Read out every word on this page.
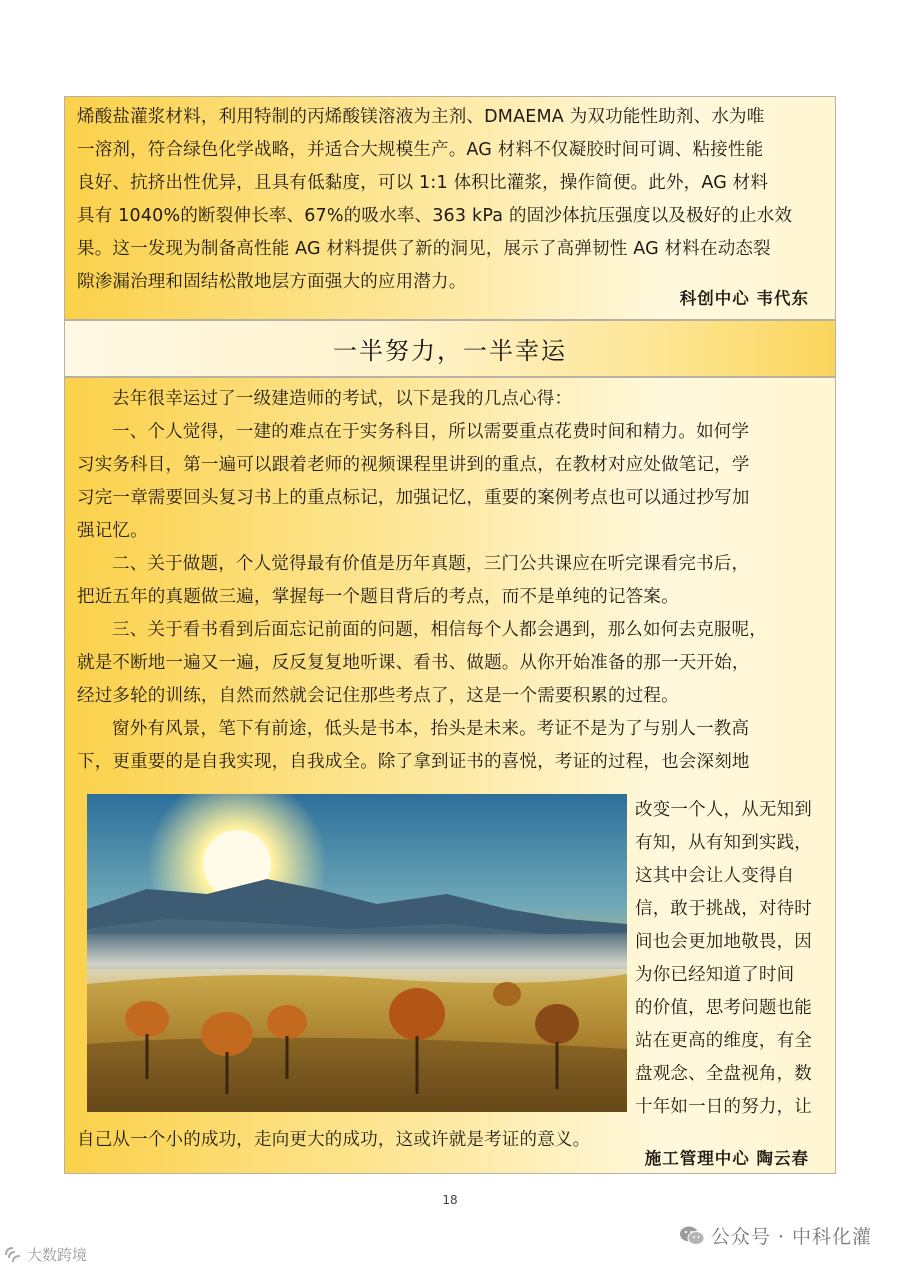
烯酸盐灌浆材料，利用特制的丙烯酸镁溶液为主剂、DMAEMA 为双功能性助剂、水为唯

一溶剂，符合绿色化学战略，并适合大规模生产。AG 材料不仅凝胶时间可调、粘接性能

良好、抗挤出性优异，且具有低黏度，可以 1:1 体积比灌浆，操作简便。此外，AG 材料

具有 1040%的断裂伸长率、67%的吸水率、363 kPa 的固沙体抗压强度以及极好的止水效

果。这一发现为制备高性能 AG 材料提供了新的洞见，展示了高弹韧性 AG 材料在动态裂

隙渗漏治理和固结松散地层方面强大的应用潜力。

科创中心 韦代东
一半努力，一半幸运

去年很幸运过了一级建造师的考试，以下是我的几点心得：

一、个人觉得，一建的难点在于实务科目，所以需要重点花费时间和精力。如何学

习实务科目，第一遍可以跟着老师的视频课程里讲到的重点，在教材对应处做笔记，学

习完一章需要回头复习书上的重点标记，加强记忆，重要的案例考点也可以通过抄写加

强记忆。

二、关于做题，个人觉得最有价值是历年真题，三门公共课应在听完课看完书后，

把近五年的真题做三遍，掌握每一个题目背后的考点，而不是单纯的记答案。

三、关于看书看到后面忘记前面的问题，相信每个人都会遇到，那么如何去克服呢，

就是不断地一遍又一遍，反反复复地听课、看书、做题。从你开始准备的那一天开始，

经过多轮的训练，自然而然就会记住那些考点了，这是一个需要积累的过程。

窗外有风景，笔下有前途，低头是书本，抬头是未来。考证不是为了与别人一教高

下，更重要的是自我实现，自我成全。除了拿到证书的喜悦，考证的过程，也会深刻地

改变一个人，从无知到
有知，从有知到实践，
这其中会让人变得自
信，敢于挑战，对待时
间也会更加地敬畏，因
为你已经知道了时间
的价值，思考问题也能
站在更高的维度，有全
盘观念、全盘视角，数
十年如一日的努力，让

自己从一个小的成功，走向更大的成功，这或许就是考证的意义。

施工管理中心 陶云春
18
公众号 · 中科化灌
大数跨境
